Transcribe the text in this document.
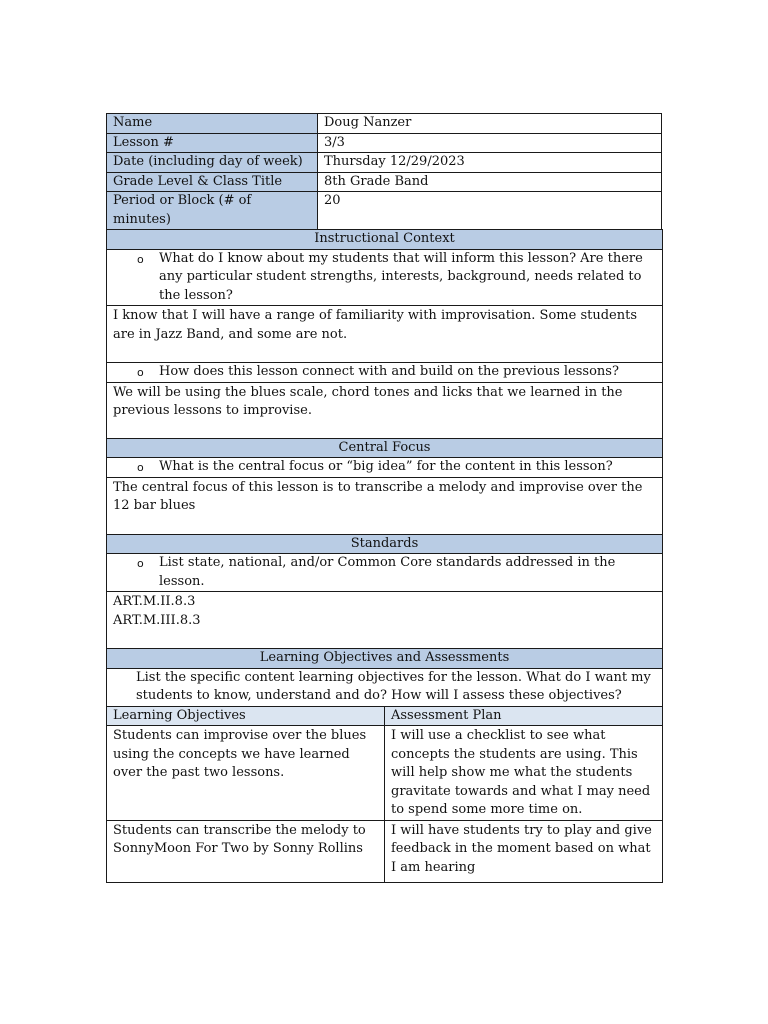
Name	Doug Nanzer
Lesson #	3/3
Date (including day of week)	Thursday 12/29/2023
Grade Level & Class Title	8th Grade Band
Period or Block (# of minutes)	20
Instructional Context	

o What do I know about my students that will inform this lesson? Are there any particular student strengths, interests, background, needs related to the lesson?

I know that I will have a range of familiarity with improvisation. Some students are in Jazz Band, and some are not.	

o How does this lesson connect with and build on the previous lessons?

We will be using the blues scale, chord tones and licks that we learned in the previous lessons to improvise.	
Central Focus	

o What is the central focus or “big idea” for the content in this lesson?

The central focus of this lesson is to transcribe a melody and improvise over the 12 bar blues	
Standards	

o List state, national, and/or Common Core standards addressed in the lesson.

ART.M.II.8.3
ART.M.III.8.3	

Learning Objectives and Assessments	

List the specific content learning objectives for the lesson. What do I want my students to know, understand and do? How will I assess these objectives?	

Learning Objectives	Assessment Plan
Students can improvise over the blues using the concepts we have learned over the past two lessons.	I will use a checklist to see what concepts the students are using. This will help show me what the students gravitate towards and what I may need to spend some more time on.
Students can transcribe the melody to SonnyMoon For Two by Sonny Rollins	I will have students try to play and give feedback in the moment based on what I am hearing
